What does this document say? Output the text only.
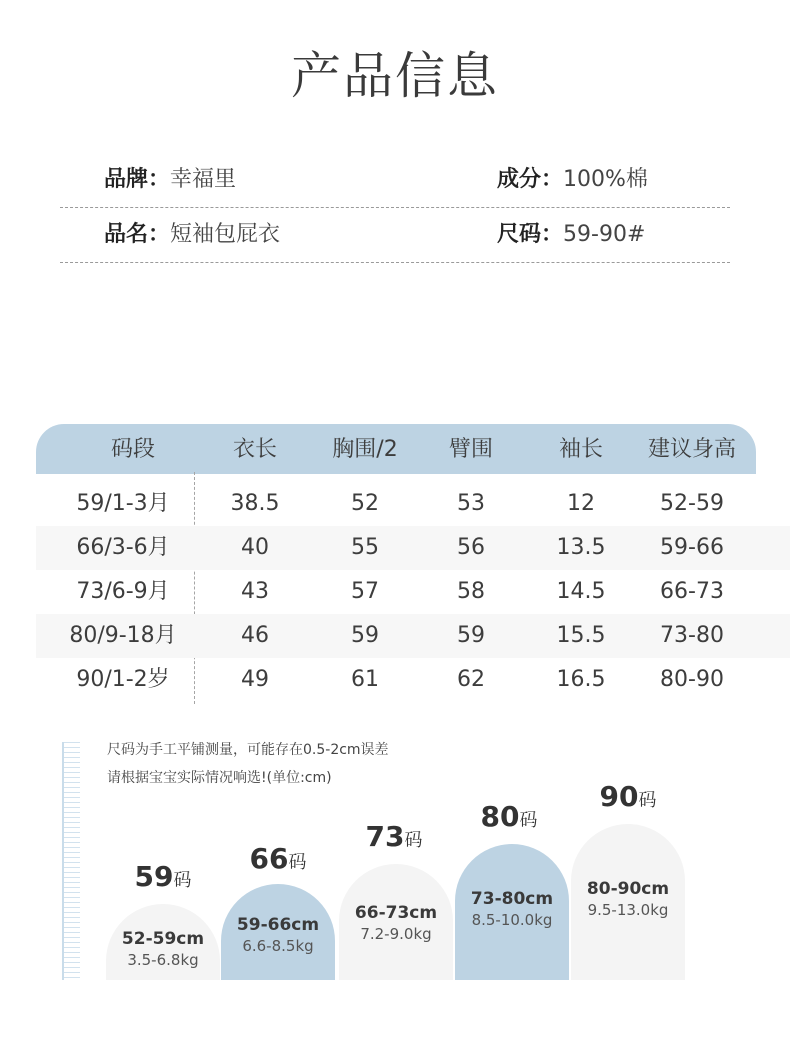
产品信息
品牌：幸福里	成分：100%棉
品名：短袖包屁衣	尺码：59-90#
码段	衣长	胸围/2	臂围	袖长	建议身高
59/1-3月	38.5	52	53	12	52-59
66/3-6月	40	55	56	13.5	59-66
73/6-9月	43	57	58	14.5	66-73
80/9-18月	46	59	59	15.5	73-80
90/1-2岁	49	61	62	16.5	80-90
尺码为手工平铺测量，可能存在0.5-2cm误差
请根据宝宝实际情况响选!(单位:cm)
59码
66码
73码
80码
90码
52-59cm
3.5-6.8kg
59-66cm
6.6-8.5kg
66-73cm
7.2-9.0kg
73-80cm
8.5-10.0kg
80-90cm
9.5-13.0kg
